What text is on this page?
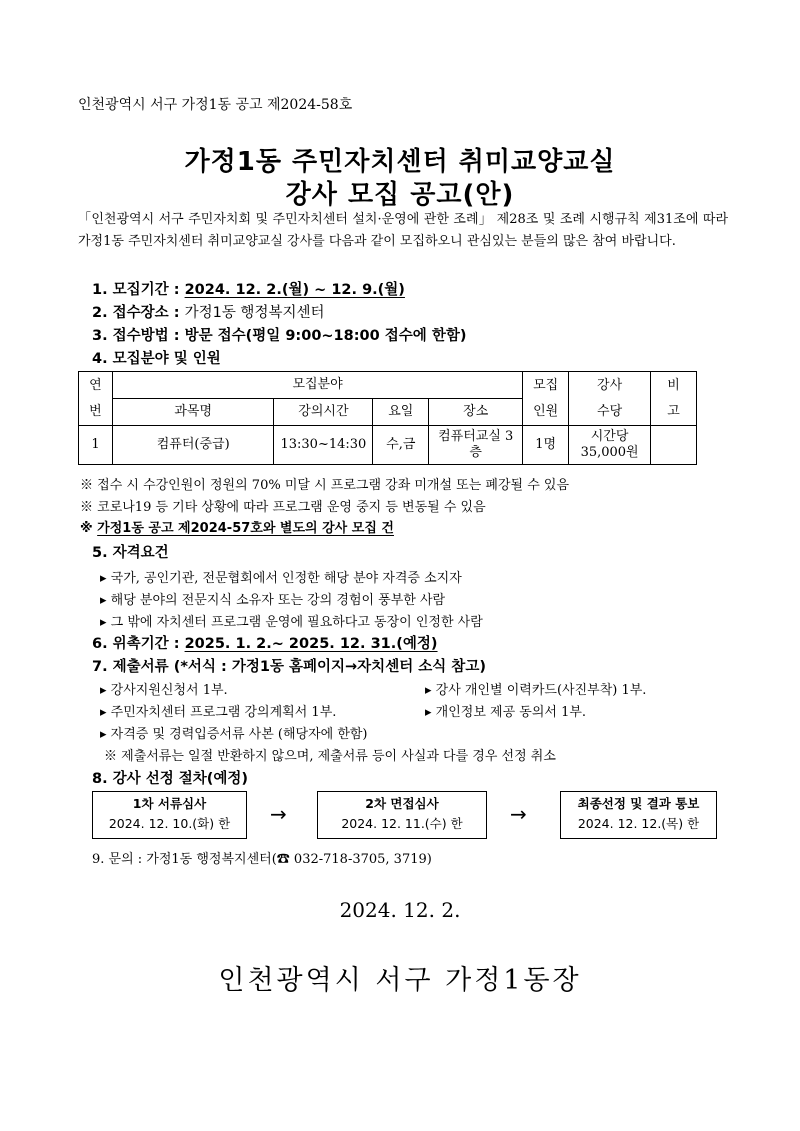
인천광역시 서구 가정1동 공고 제2024-58호
가정1동 주민자치센터 취미교양교실
강사 모집 공고(안)
「인천광역시 서구 주민자치회 및 주민자치센터 설치·운영에 관한 조례」 제28조 및 조례 시행규칙 제31조에 따라 가정1동 주민자치센터 취미교양교실 강사를 다음과 같이 모집하오니 관심있는 분들의 많은 참여 바랍니다.
1. 모집기간 : 2024. 12. 2.(월) ~ 12. 9.(월)
2. 접수장소 : 가정1동 행정복지센터
3. 접수방법 : 방문 접수(평일 9:00~18:00 접수에 한함)
4. 모집분야 및 인원
연번	모집분야				모집인원	강사수당	비고

	과목명	강의시간	요일	장소			
1	컴퓨터(중급)	13:30~14:30	수,금	컴퓨터교실 3층	1명	시간당 35,000원	

※ 접수 시 수강인원이 정원의 70% 미달 시 프로그램 강좌 미개설 또는 폐강될 수 있음
※ 코로나19 등 기타 상황에 따라 프로그램 운영 중지 등 변동될 수 있음
※ 가정1동 공고 제2024-57호와 별도의 강사 모집 건
5. 자격요건
▸ 국가, 공인기관, 전문협회에서 인정한 해당 분야 자격증 소지자
▸ 해당 분야의 전문지식 소유자 또는 강의 경험이 풍부한 사람
▸ 그 밖에 자치센터 프로그램 운영에 필요하다고 동장이 인정한 사람
6. 위촉기간 : 2025. 1. 2.~ 2025. 12. 31.(예정)
7. 제출서류 (*서식 : 가정1동 홈페이지→자치센터 소식 참고)
▸ 강사지원신청서 1부.	▸ 강사 개인별 이력카드(사진부착) 1부.
▸ 주민자치센터 프로그램 강의계획서 1부.	▸ 개인정보 제공 동의서 1부.
▸ 자격증 및 경력입증서류 사본 (해당자에 한함)
※ 제출서류는 일절 반환하지 않으며, 제출서류 등이 사실과 다를 경우 선정 취소
8. 강사 선정 절차(예정)
1차 서류심사
2024. 12. 10.(화) 한	→	2차 면접심사
2024. 12. 11.(수) 한	→	최종선정 및 결과 통보
2024. 12. 12.(목) 한
9. 문의 : 가정1동 행정복지센터(☎ 032-718-3705, 3719)
2024. 12. 2.
인천광역시 서구 가정1동장
